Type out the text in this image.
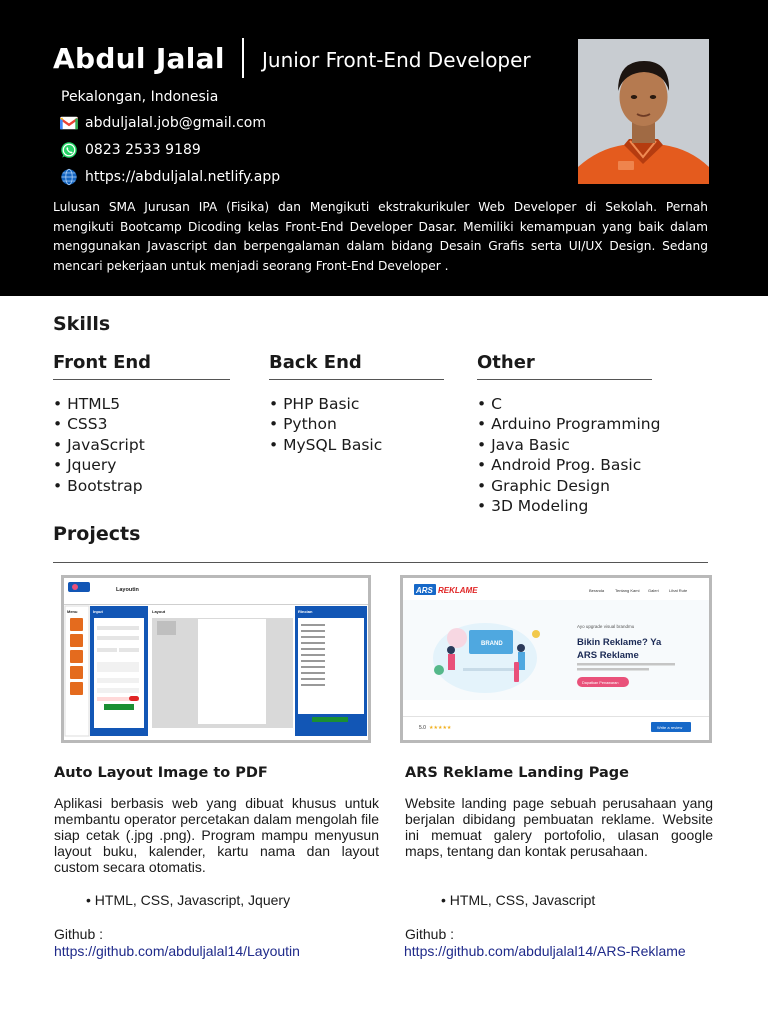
Abdul Jalal Junior Front-End Developer
Pekalongan, Indonesia
abduljalal.job@gmail.com
0823 2533 9189
https://abduljalal.netlify.app
Lulusan SMA Jurusan IPA (Fisika) dan Mengikuti ekstrakurikuler Web Developer di Sekolah. Pernah mengikuti Bootcamp Dicoding kelas Front-End Developer Dasar. Memiliki kemampuan yang baik dalam menggunakan Javascript dan berpengalaman dalam bidang Desain Grafis serta UI/UX Design. Sedang mencari pekerjaan untuk menjadi seorang Front-End Developer .
Skills
Front End
• HTML5
• CSS3
• JavaScript
• Jquery
• Bootstrap
Back End
• PHP Basic
• Python
• MySQL Basic
Other
• C
• Arduino Programming
• Java Basic
• Android Prog. Basic
• Graphic Design
• 3D Modeling
Projects
Layoutin
Menu	Input	Layout	Rincian
ARS REKLAME	Beranda	Tentang Kami Galeri	Lihat Rute
BRAND
Ayo upgrade visual brandmu
Bikin Reklame? Ya
ARS Reklame
Dapatkan Penawaran
5.0 ★★★★★	Write a review
Auto Layout Image to PDF
Aplikasi berbasis web yang dibuat khusus untuk membantu operator percetakan dalam mengolah file siap cetak (.jpg .png). Program mampu menyusun layout buku, kalender, kartu nama dan layout custom secara otomatis.
• HTML, CSS, Javascript, Jquery
Github :
https://github.com/abduljalal14/Layoutin
ARS Reklame Landing Page
Website landing page sebuah perusahaan yang berjalan dibidang pembuatan reklame. Website ini memuat galery portofolio, ulasan google maps, tentang dan kontak perusahaan.
• HTML, CSS, Javascript
Github :
https://github.com/abduljalal14/ARS-Reklame
